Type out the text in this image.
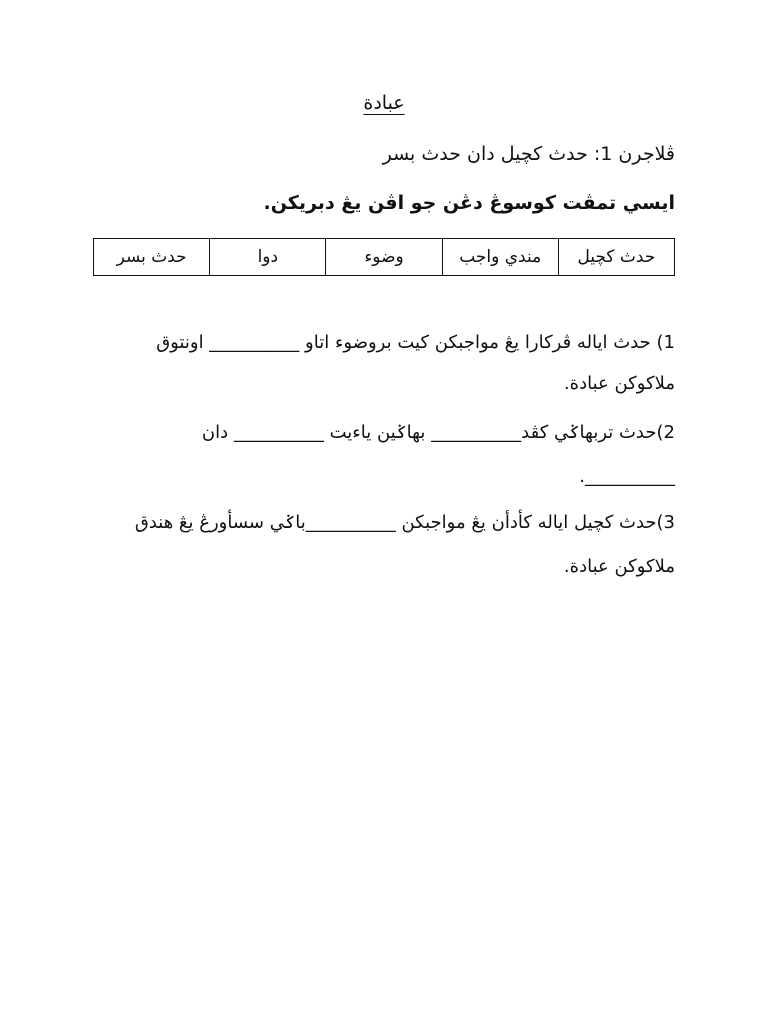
عبادة
ڤلاجرن 1: حدث كچيل دان حدث بسر
ايسي تمڤت كوسوڠ دڠن جو اڤن يڠ دبريكن.
حدث كچيل	مندي واجب	وضوء	دوا	حدث بسر
1) حدث اياله ڤركارا يڠ مواجبكن كيت بروضوء اتاو __________ اونتوق
ملاكوكن عبادة.
2)حدث تربهاݢي كڤد__________ بهاݢين ياءيت __________ دان
__________.
3)حدث كچيل اياله كأدأن يڠ مواجبكن __________باݢي سسأورڠ يڠ هندق
ملاكوكن عبادة.
